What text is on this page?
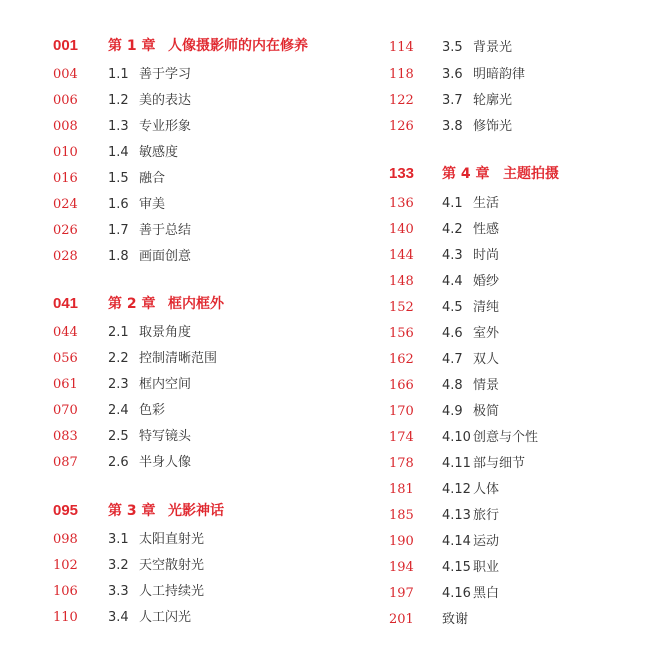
001 第 1 章 人像摄影师的内在修养
004 1.1 善于学习
006 1.2 美的表达
008 1.3 专业形象
010 1.4 敏感度
016 1.5 融合
024 1.6 审美
026 1.7 善于总结
028 1.8 画面创意
041 第 2 章 框内框外
044 2.1 取景角度
056 2.2 控制清晰范围
061 2.3 框内空间
070 2.4 色彩
083 2.5 特写镜头
087 2.6 半身人像
095 第 3 章 光影神话
098 3.1 太阳直射光
102 3.2 天空散射光
106 3.3 人工持续光
110 3.4 人工闪光
114 3.5 背景光
118 3.6 明暗韵律
122 3.7 轮廓光
126 3.8 修饰光
133 第 4 章 主题拍摄
136 4.1 生活
140 4.2 性感
144 4.3 时尚
148 4.4 婚纱
152 4.5 清纯
156 4.6 室外
162 4.7 双人
166 4.8 情景
170 4.9 极简
174 4.10 创意与个性
178 4.11 部与细节
181 4.12 人体
185 4.13 旅行
190 4.14 运动
194 4.15 职业
197 4.16 黑白
201 致谢
